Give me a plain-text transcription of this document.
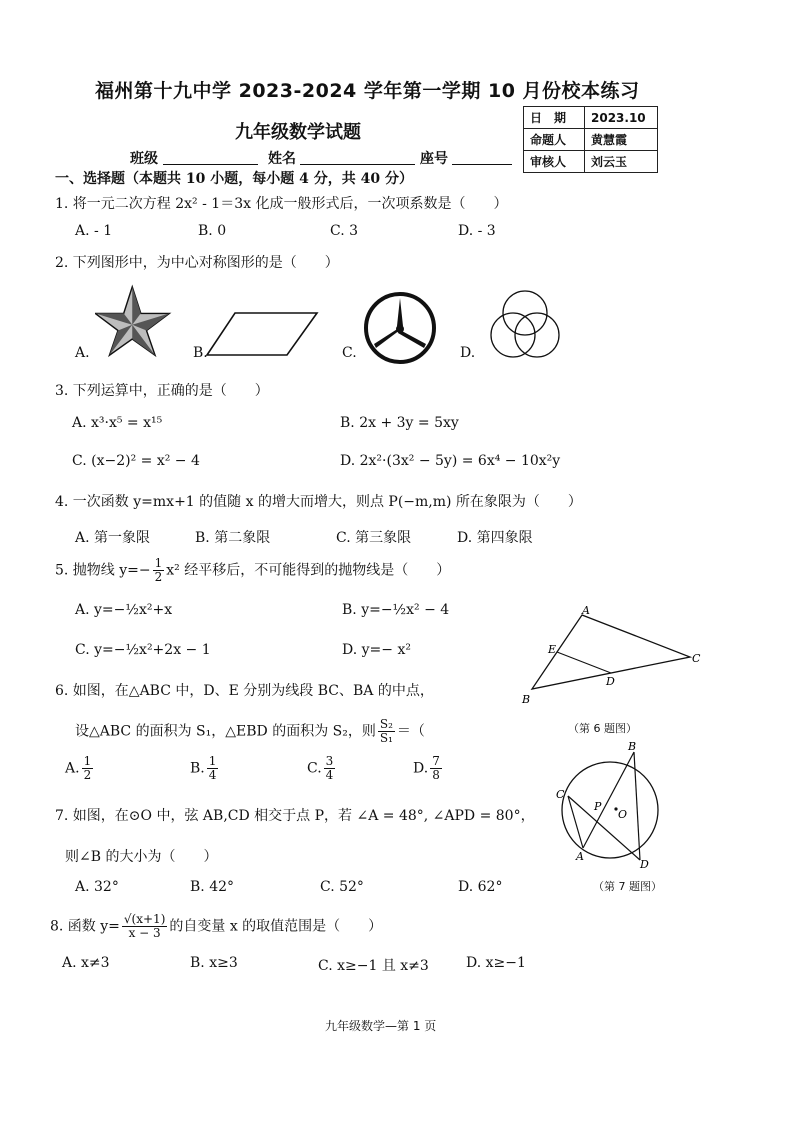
福州第十九中学 2023-2024 学年第一学期 10 月份校本练习
九年级数学试题
日　期	2023.10
命题人	黄慧霞
审核人	刘云玉
班级	姓名	座号
一、选择题（本题共 10 小题，每小题 4 分，共 40 分）
1. 将一元二次方程 2x² - 1＝3x 化成一般形式后，一次项系数是（　　）
A. - 1	B. 0	C. 3	D. - 3
2. 下列图形中，为中心对称图形的是（　　）
A.	B.	C.	D.
3. 下列运算中，正确的是（　　）
A. x³·x⁵ = x¹⁵	B. 2x + 3y = 5xy
C. (x−2)² = x² − 4	D. 2x²·(3x² − 5y) = 6x⁴ − 10x²y
4. 一次函数 y=mx+1 的值随 x 的增大而增大，则点 P(−m,m) 所在象限为（　　）
A. 第一象限	B. 第二象限	C. 第三象限	D. 第四象限
5. 抛物线 $y=- \frac{1}{2} x^2$ 经平移后，不可能得到的抛物线是（　　）
A. y=−½x²+x	B. y=−½x² − 4
C. y=−½x²+2x − 1	D. y=− x²
A
C
B
E
D
（第 6 题图）
6. 如图，在△ABC 中，D、E 分别为线段 BC、BA 的中点，
设△ABC 的面积为 S₁，△EBD 的面积为 S₂，则 $\frac{\text{S₂}}{\text{S₁}}$ ＝（
A. $\frac{1}{2}$	B. $\frac{1}{4}$	C. $\frac{3}{4}$	D. $\frac{7}{8}$
B
C
P
O
A
D
（第 7 题图）
7. 如图，在⊙O 中，弦 AB,CD 相交于点 P，若 ∠A = 48°, ∠APD = 80°，
则∠B 的大小为（　　）
A. 32°	B. 42°	C. 52°	D. 62°
8. 函数 $y= \frac{√(x+1)}{x - 3}$ 的自变量 x 的取值范围是（　　）
A. x≠3	B. x≥3	C. x≥−1 且 x≠3	D. x≥−1
九年级数学—第 1 页
